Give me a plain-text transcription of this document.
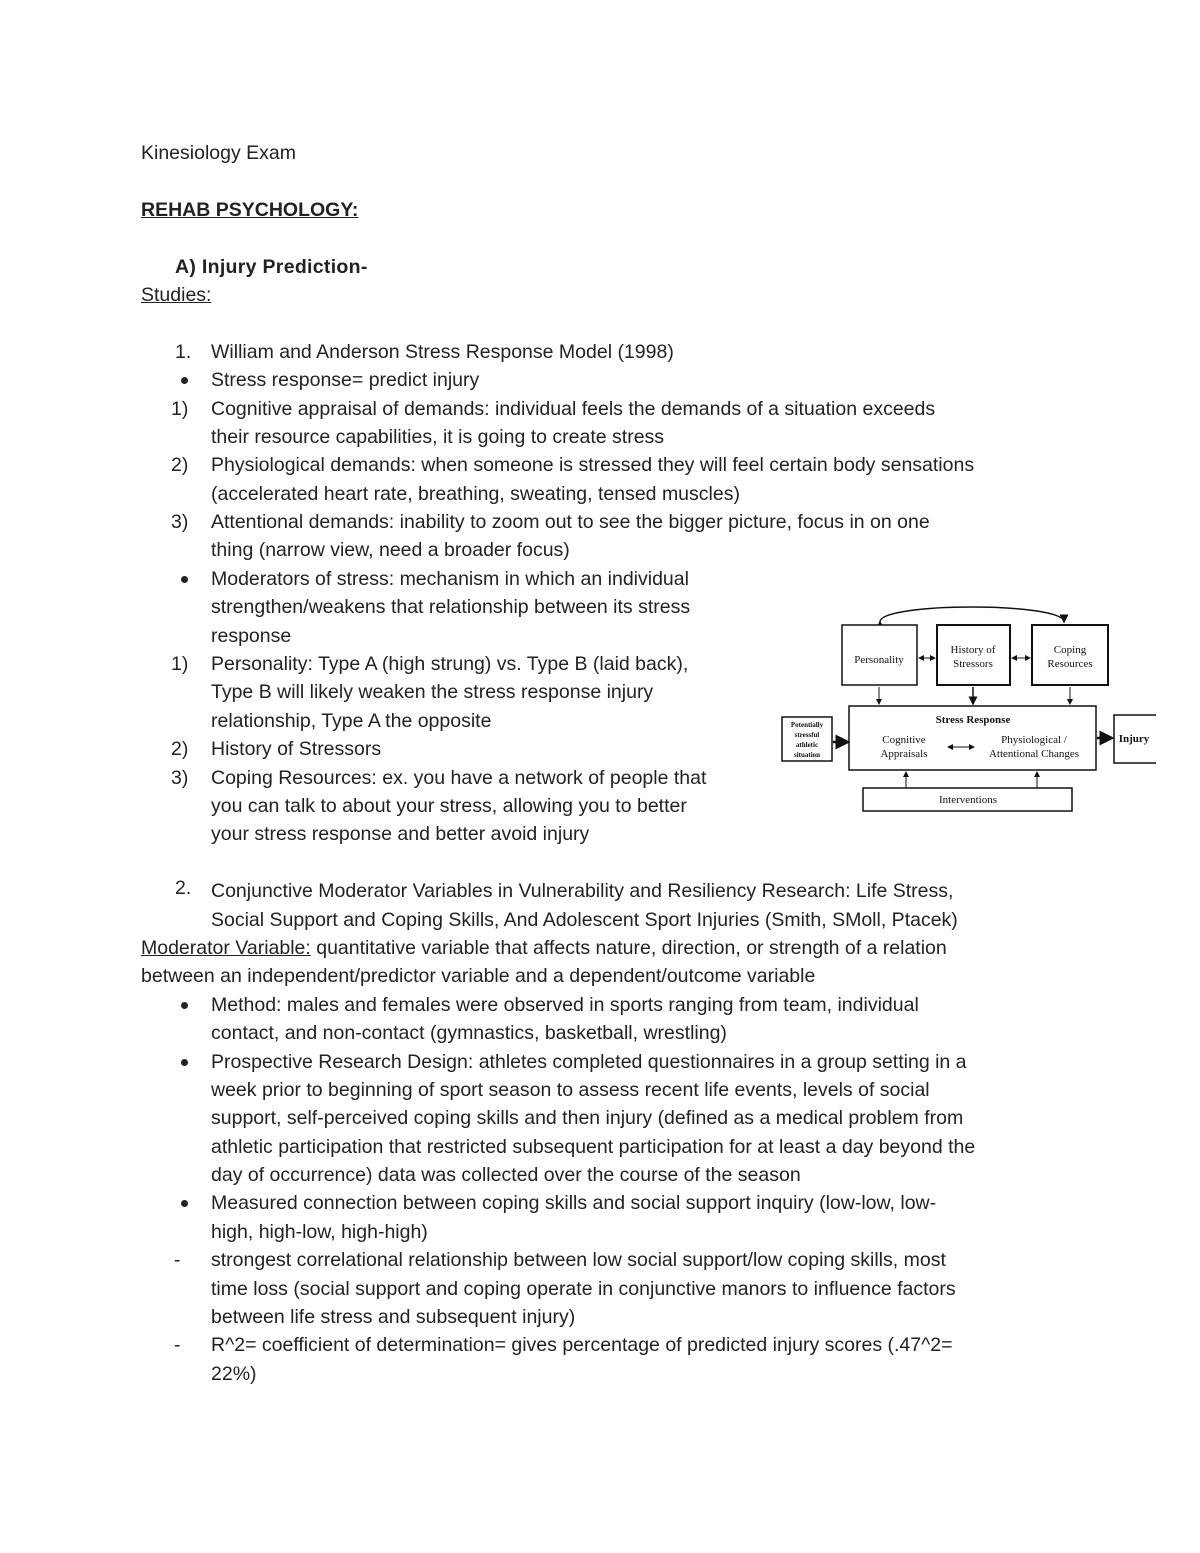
Kinesiology Exam
REHAB PSYCHOLOGY:
A) Injury Prediction-
Studies:
1. William and Anderson Stress Response Model (1998)
Stress response= predict injury
1) Cognitive appraisal of demands: individual feels the demands of a situation exceeds
their resource capabilities, it is going to create stress
2) Physiological demands: when someone is stressed they will feel certain body sensations
(accelerated heart rate, breathing, sweating, tensed muscles)
3) Attentional demands: inability to zoom out to see the bigger picture, focus in on one
thing (narrow view, need a broader focus)
Moderators of stress: mechanism in which an individual
strengthen/weakens that relationship between its stress
response
1) Personality: Type A (high strung) vs. Type B (laid back),
Type B will likely weaken the stress response injury
relationship, Type A the opposite
2) History of Stressors
3) Coping Resources: ex. you have a network of people that
you can talk to about your stress, allowing you to better
your stress response and better avoid injury
2. Conjunctive Moderator Variables in Vulnerability and Resiliency Research: Life Stress,
Social Support and Coping Skills, And Adolescent Sport Injuries (Smith, SMoll, Ptacek)
Moderator Variable: quantitative variable that affects nature, direction, or strength of a relation
between an independent/predictor variable and a dependent/outcome variable
Method: males and females were observed in sports ranging from team, individual
contact, and non-contact (gymnastics, basketball, wrestling)
Prospective Research Design: athletes completed questionnaires in a group setting in a
week prior to beginning of sport season to assess recent life events, levels of social
support, self-perceived coping skills and then injury (defined as a medical problem from
athletic participation that restricted subsequent participation for at least a day beyond the
day of occurrence) data was collected over the course of the season
Measured connection between coping skills and social support inquiry (low-low, low-
high, high-low, high-high)
- strongest correlational relationship between low social support/low coping skills, most
time loss (social support and coping operate in conjunctive manors to influence factors
between life stress and subsequent injury)
- R^2= coefficient of determination= gives percentage of predicted injury scores (.47^2=
22%)
Personality
History of
Stressors
Coping
Resources
Stress Response
Cognitive
Appraisals
Physiological /
Attentional Changes
Potentially
stressful
athletic
situation
Injury
Interventions
